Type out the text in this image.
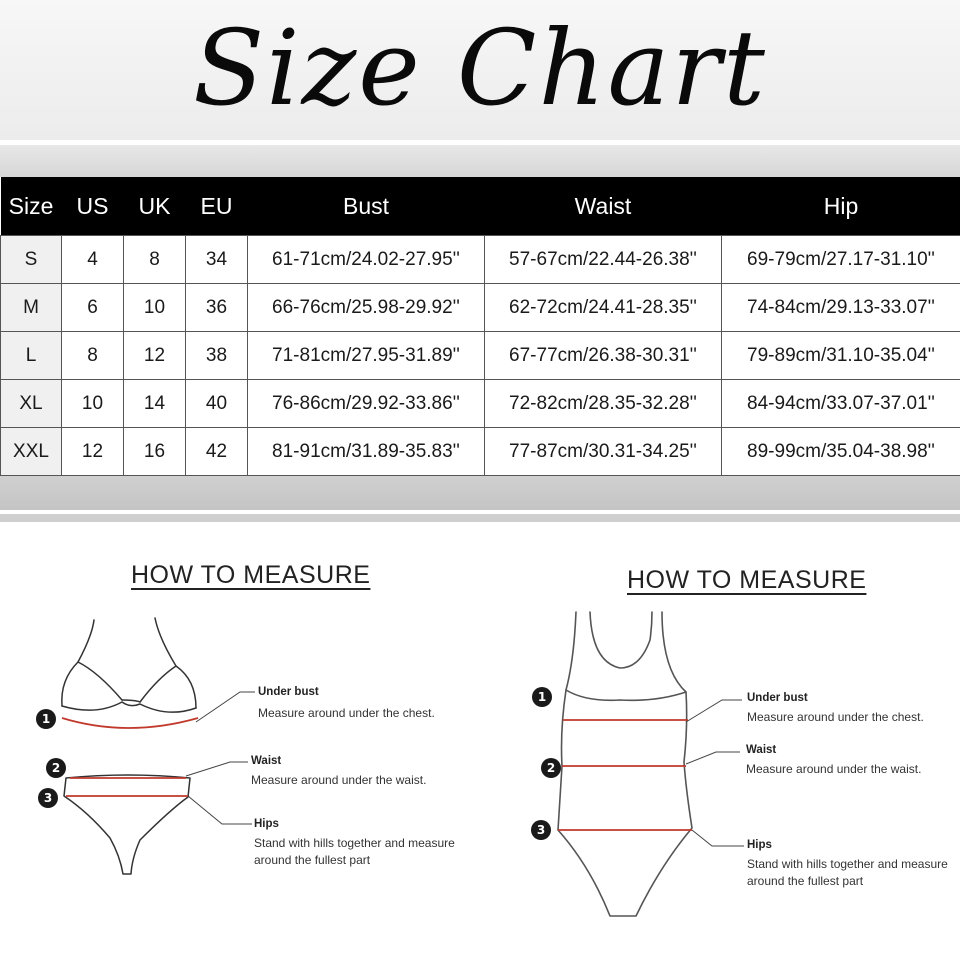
Size Chart
Size	US	UK	EU	Bust	Waist	Hip
S	4	8	34	61-71cm/24.02-27.95''	57-67cm/22.44-26.38''	69-79cm/27.17-31.10''
M	6	10	36	66-76cm/25.98-29.92''	62-72cm/24.41-28.35''	74-84cm/29.13-33.07''
L	8	12	38	71-81cm/27.95-31.89''	67-77cm/26.38-30.31''	79-89cm/31.10-35.04''
XL	10	14	40	76-86cm/29.92-33.86''	72-82cm/28.35-32.28''	84-94cm/33.07-37.01''
XXL	12	16	42	81-91cm/31.89-35.83''	77-87cm/30.31-34.25''	89-99cm/35.04-38.98''
HOW TO MEASURE
1
2
3
Under bust
Measure around under the chest.
Waist
Measure around under the waist.
Hips
Stand with hills together and measure
around the fullest part
HOW TO MEASURE
1
2
3
Under bust
Measure around under the chest.
Waist
Measure around under the waist.
Hips
Stand with hills together and measure
around the fullest part
